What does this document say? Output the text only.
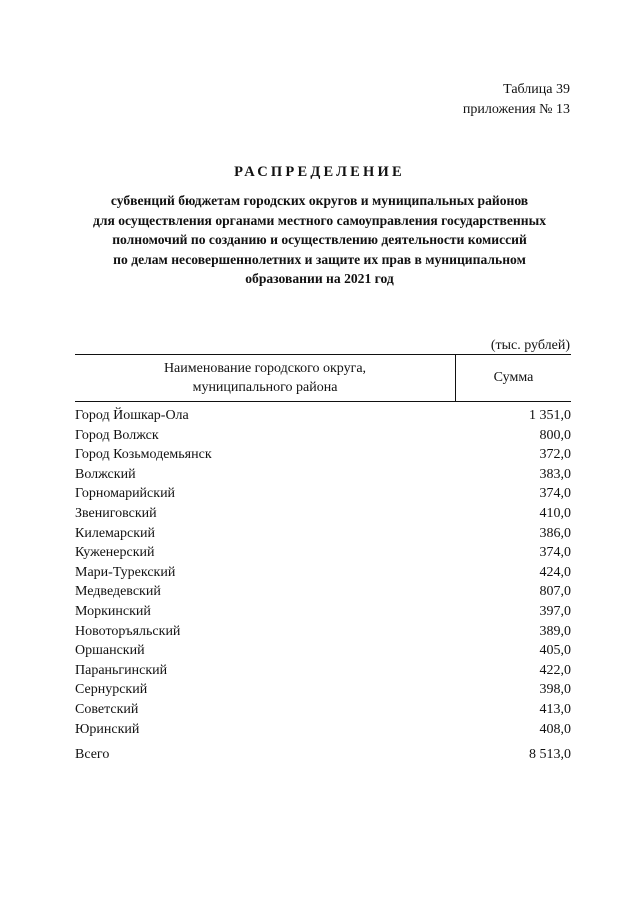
Таблица 39
приложения № 13
РАСПРЕДЕЛЕНИЕ
субвенций бюджетам городских округов и муниципальных районов
для осуществления органами местного самоуправления государственных
полномочий по созданию и осуществлению деятельности комиссий
по делам несовершеннолетних и защите их прав в муниципальном
образовании на 2021 год
(тыс. рублей)
Наименование городского округа,
муниципального района
Сумма
Город Йошкар-Ола	1 351,0
Город Волжск	800,0
Город Козьмодемьянск	372,0
Волжский	383,0
Горномарийский	374,0
Звениговский	410,0
Килемарский	386,0
Куженерский	374,0
Мари-Турекский	424,0
Медведевский	807,0
Моркинский	397,0
Новоторъяльский	389,0
Оршанский	405,0
Параньгинский	422,0
Сернурский	398,0
Советский	413,0
Юринский	408,0
Всего	8 513,0
